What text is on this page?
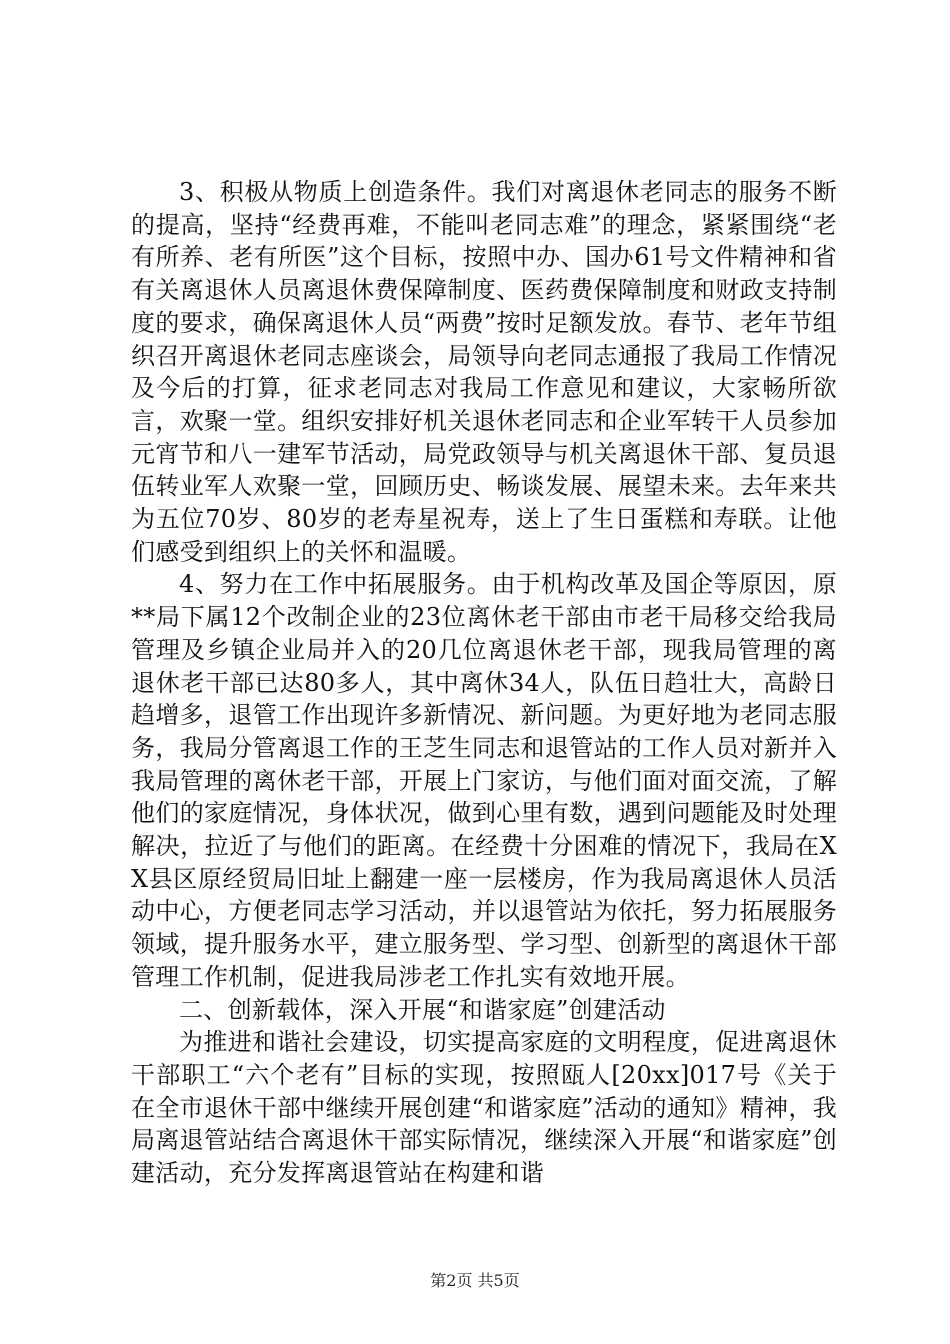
3、积极从物质上创造条件。我们对离退休老同志的服务不断的提高，坚持“经费再难，不能叫老同志难”的理念，紧紧围绕“老有所养、老有所医”这个目标，按照中办、国办61号文件精神和省有关离退休人员离退休费保障制度、医药费保障制度和财政支持制度的要求，确保离退休人员“两费”按时足额发放。春节、老年节组织召开离退休老同志座谈会，局领导向老同志通报了我局工作情况及今后的打算，征求老同志对我局工作意见和建议，大家畅所欲言，欢聚一堂。组织安排好机关退休老同志和企业军转干人员参加元宵节和八一建军节活动，局党政领导与机关离退休干部、复员退伍转业军人欢聚一堂，回顾历史、畅谈发展、展望未来。去年来共为五位70岁、80岁的老寿星祝寿，送上了生日蛋糕和寿联。让他们感受到组织上的关怀和温暖。

4、努力在工作中拓展服务。由于机构改革及国企等原因，原**局下属12个改制企业的23位离休老干部由市老干局移交给我局管理及乡镇企业局并入的20几位离退休老干部，现我局管理的离退休老干部已达80多人，其中离休34人，队伍日趋壮大，高龄日趋增多，退管工作出现许多新情况、新问题。为更好地为老同志服务，我局分管离退工作的王芝生同志和退管站的工作人员对新并入我局管理的离休老干部，开展上门家访，与他们面对面交流，了解他们的家庭情况，身体状况，做到心里有数，遇到问题能及时处理解决，拉近了与他们的距离。在经费十分困难的情况下，我局在XX县区原经贸局旧址上翻建一座一层楼房，作为我局离退休人员活动中心，方便老同志学习活动，并以退管站为依托，努力拓展服务领域，提升服务水平，建立服务型、学习型、创新型的离退休干部管理工作机制，促进我局涉老工作扎实有效地开展。

二、创新载体，深入开展“和谐家庭”创建活动

为推进和谐社会建设，切实提高家庭的文明程度，促进离退休干部职工“六个老有”目标的实现，按照瓯人[20xx]017号《关于在全市退休干部中继续开展创建“和谐家庭”活动的通知》精神，我局离退管站结合离退休干部实际情况，继续深入开展“和谐家庭”创建活动，充分发挥离退管站在构建和谐

第2页 共5页
